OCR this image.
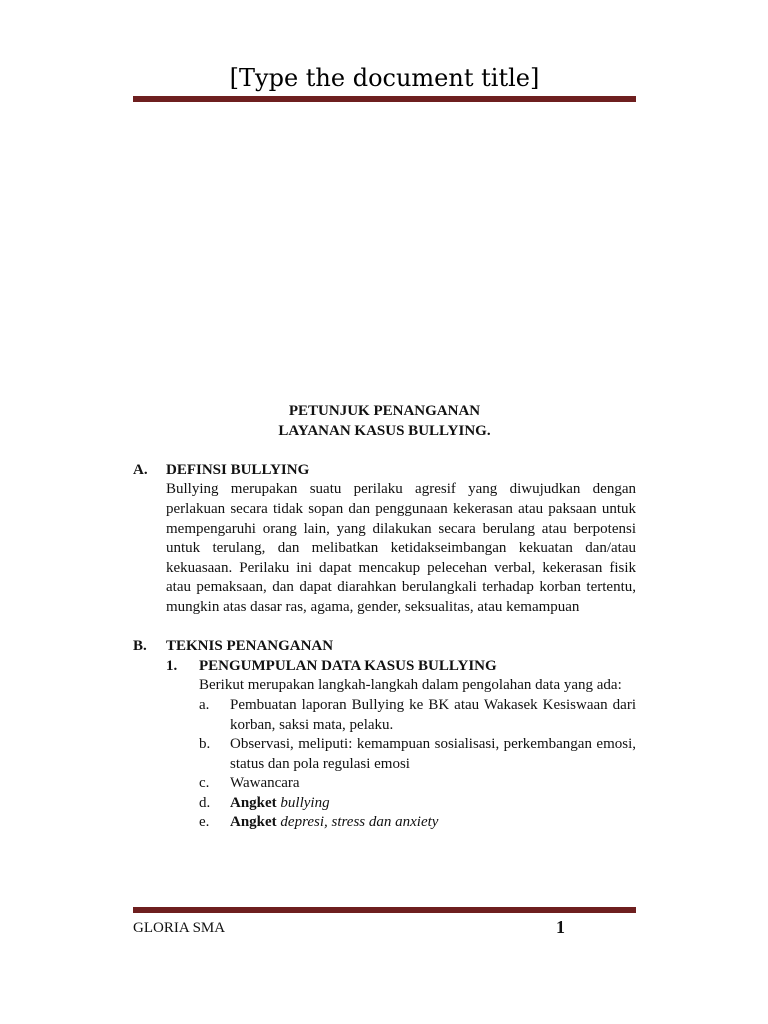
[Type the document title]

PETUNJUK PENANGANAN

LAYANAN KASUS BULLYING.

A. DEFINSI BULLYING

Bullying merupakan suatu perilaku agresif yang diwujudkan dengan perlakuan secara tidak sopan dan penggunaan kekerasan atau paksaan untuk mempengaruhi orang lain, yang dilakukan secara berulang atau berpotensi untuk terulang, dan melibatkan ketidakseimbangan kekuatan dan/atau kekuasaan. Perilaku ini dapat mencakup pelecehan verbal, kekerasan fisik atau pemaksaan, dan dapat diarahkan berulangkali terhadap korban tertentu, mungkin atas dasar ras, agama, gender, seksualitas, atau kemampuan

B. TEKNIS PENANGANAN

1. PENGUMPULAN DATA KASUS BULLYING

Berikut merupakan langkah-langkah dalam pengolahan data yang ada:

a. Pembuatan laporan Bullying ke BK atau Wakasek Kesiswaan dari korban, saksi mata, pelaku.
b. Observasi, meliputi: kemampuan sosialisasi, perkembangan emosi, status dan pola regulasi emosi
c. Wawancara
d. Angket bullying
e. Angket depresi, stress dan anxiety
GLORIA SMA	1
